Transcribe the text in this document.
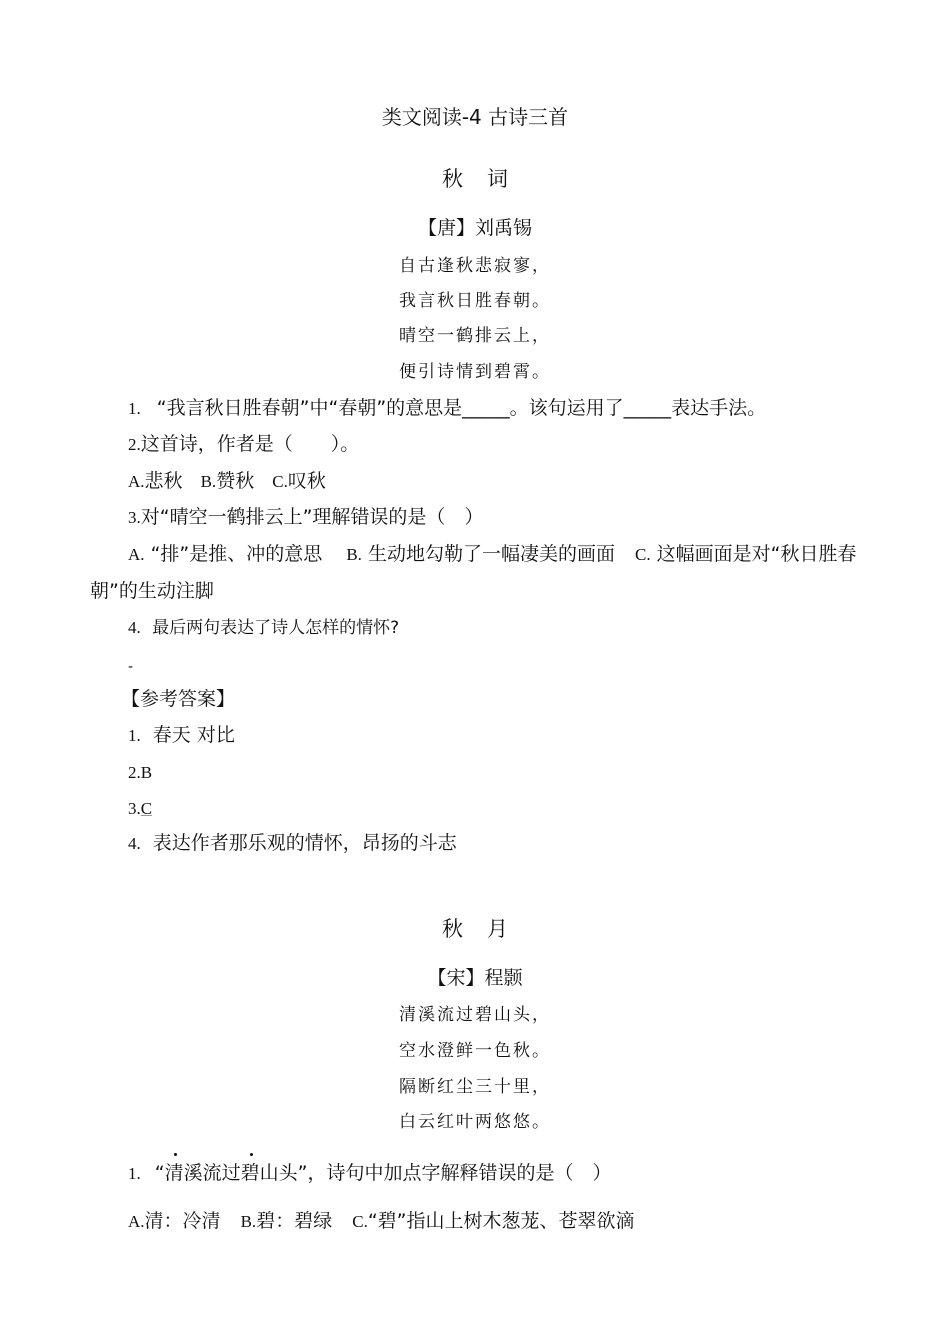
类文阅读-4 古诗三首
秋词
【唐】刘禹锡
自古逢秋悲寂寥，
我言秋日胜春朝。
晴空一鹤排云上，
便引诗情到碧霄。
1. “我言秋日胜春朝”中“春朝”的意思是_____。该句运用了_____表达手法。
2.这首诗，作者是（　　）。
A.悲秋 B.赞秋 C.叹秋
3.对“晴空一鹤排云上”理解错误的是（　）
A. “排”是推、冲的意思 B. 生动地勾勒了一幅凄美的画面 C. 这幅画面是对“秋日胜春
朝”的生动注脚
4. 最后两句表达了诗人怎样的情怀?
-
【参考答案】
1. 春天 对比
2.B
3.C
4. 表达作者那乐观的情怀，昂扬的斗志
秋月
【宋】程颢
清溪流过碧山头，
空水澄鲜一色秋。
隔断红尘三十里，
白云红叶两悠悠。
1. “清溪流过碧山头”，诗句中加点字解释错误的是（　）
A.清：冷清 B.碧：碧绿 C.“碧”指山上树木葱茏、苍翠欲滴
